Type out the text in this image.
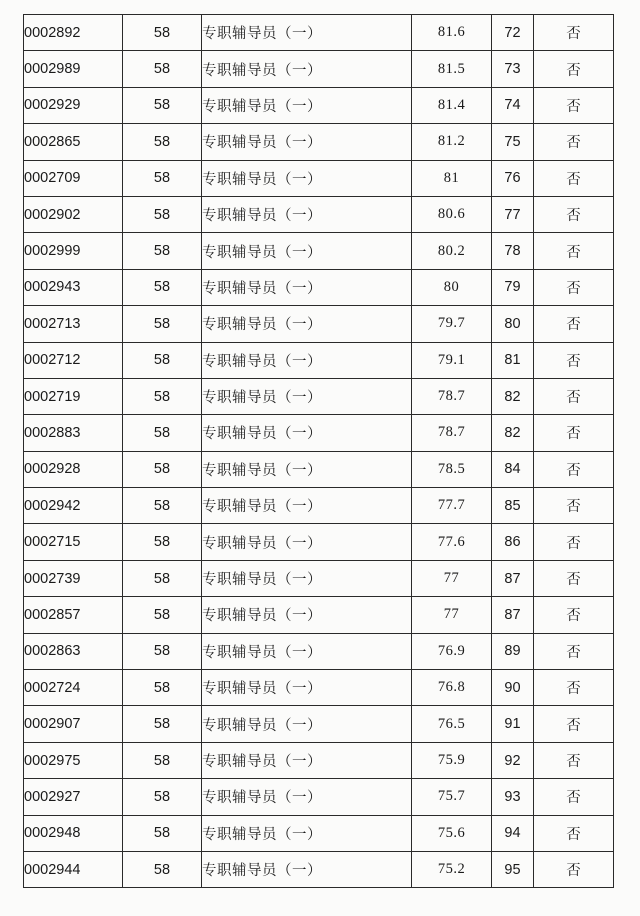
0002892	58	专职辅导员（一）	81.6	72	否
0002989	58	专职辅导员（一）	81.5	73	否
0002929	58	专职辅导员（一）	81.4	74	否
0002865	58	专职辅导员（一）	81.2	75	否
0002709	58	专职辅导员（一）	81	76	否
0002902	58	专职辅导员（一）	80.6	77	否
0002999	58	专职辅导员（一）	80.2	78	否
0002943	58	专职辅导员（一）	80	79	否
0002713	58	专职辅导员（一）	79.7	80	否
0002712	58	专职辅导员（一）	79.1	81	否
0002719	58	专职辅导员（一）	78.7	82	否
0002883	58	专职辅导员（一）	78.7	82	否
0002928	58	专职辅导员（一）	78.5	84	否
0002942	58	专职辅导员（一）	77.7	85	否
0002715	58	专职辅导员（一）	77.6	86	否
0002739	58	专职辅导员（一）	77	87	否
0002857	58	专职辅导员（一）	77	87	否
0002863	58	专职辅导员（一）	76.9	89	否
0002724	58	专职辅导员（一）	76.8	90	否
0002907	58	专职辅导员（一）	76.5	91	否
0002975	58	专职辅导员（一）	75.9	92	否
0002927	58	专职辅导员（一）	75.7	93	否
0002948	58	专职辅导员（一）	75.6	94	否
0002944	58	专职辅导员（一）	75.2	95	否
